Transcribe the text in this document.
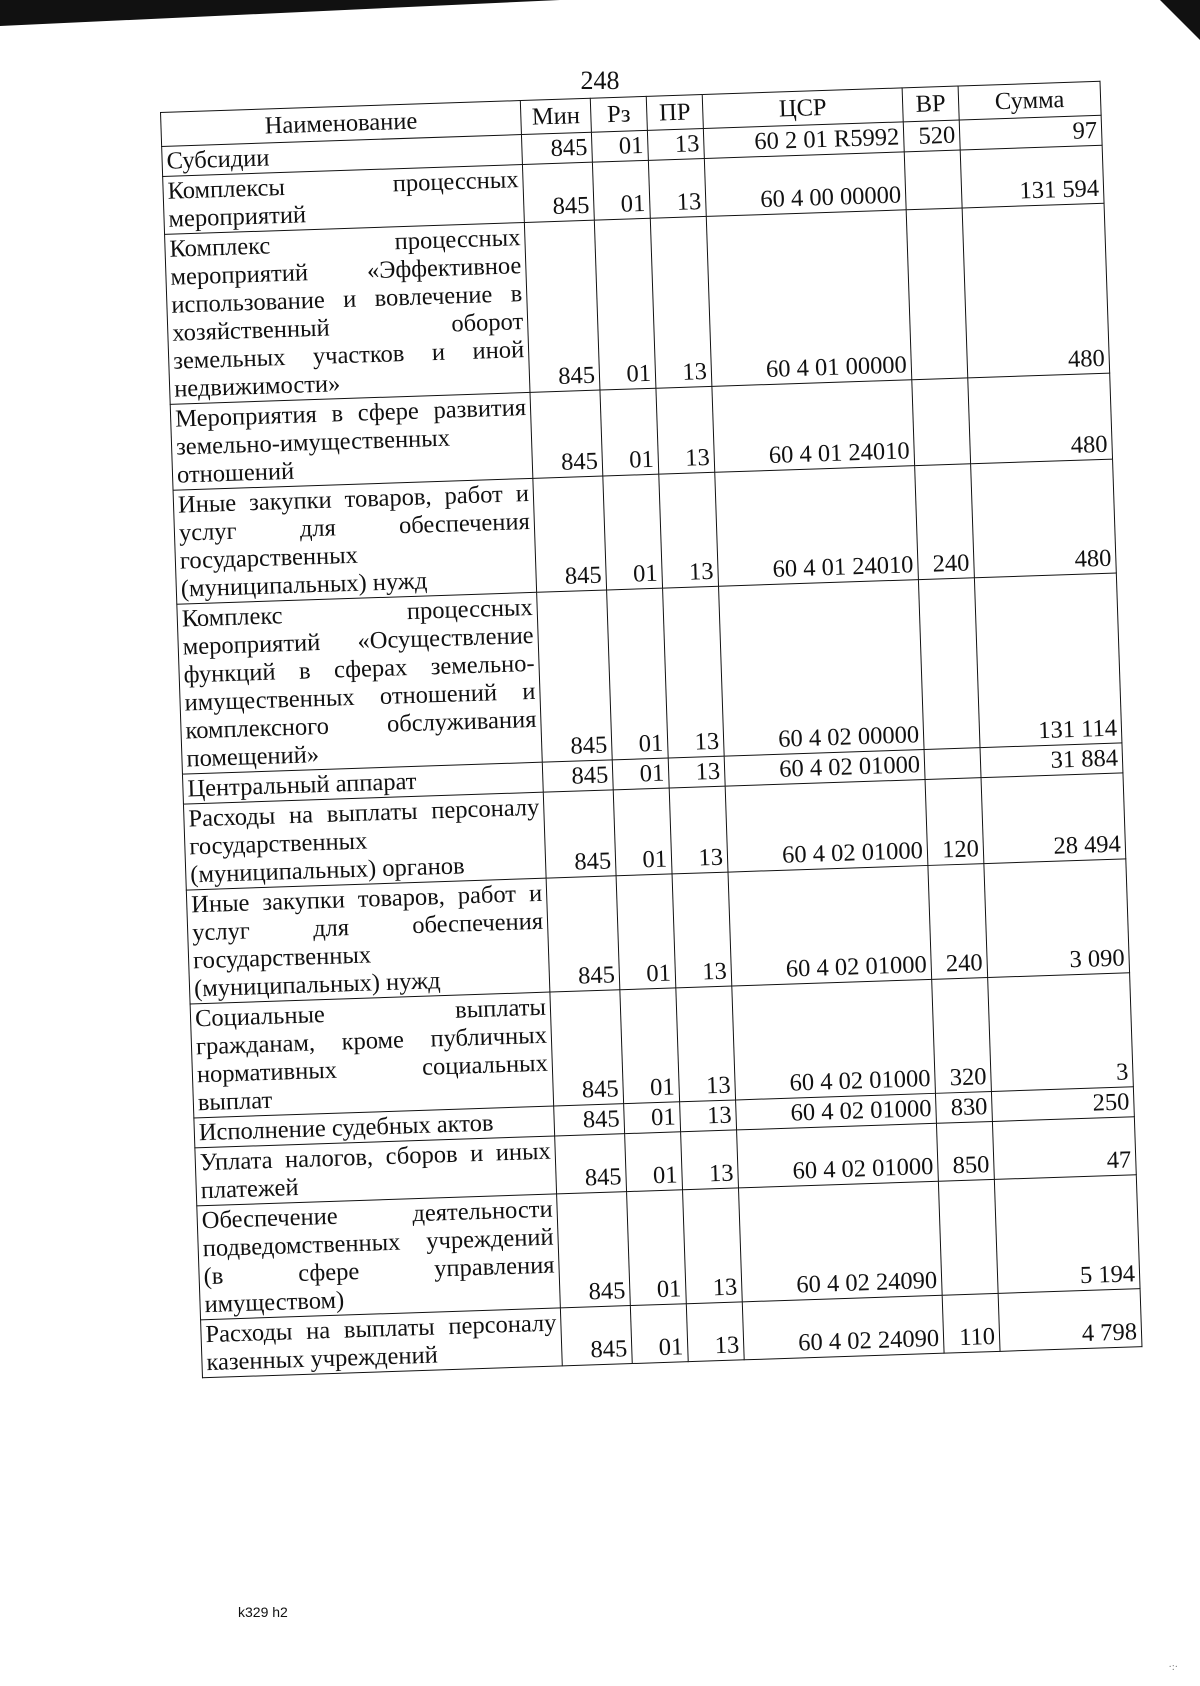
248
Наименование	Мин	Рз	ПР	ЦСР	ВР	Сумма
Субсидии	845	01	13	60 2 01 R5992	520	97
Комплексы процессных мероприятий	845	01	13	60 4 00 00000		131 594
Комплекс процессных мероприятий «Эффективное использование и вовлечение в хозяйственный оборот земельных участков и иной недвижимости»	845	01	13	60 4 01 00000		480
Мероприятия в сфере развития земельно-имущественных отношений	845	01	13	60 4 01 24010		480
Иные закупки товаров, работ и услуг для обеспечения государственных (муниципальных) нужд	845	01	13	60 4 01 24010	240	480
Комплекс процессных мероприятий «Осуществление функций в сферах земельно-имущественных отношений и комплексного обслуживания помещений»	845	01	13	60 4 02 00000		131 114
Центральный аппарат	845	01	13	60 4 02 01000		31 884
Расходы на выплаты персоналу государственных (муниципальных) органов	845	01	13	60 4 02 01000	120	28 494
Иные закупки товаров, работ и услуг для обеспечения государственных (муниципальных) нужд	845	01	13	60 4 02 01000	240	3 090
Социальные выплаты гражданам, кроме публичных нормативных социальных выплат	845	01	13	60 4 02 01000	320	3
Исполнение судебных актов	845	01	13	60 4 02 01000	830	250
Уплата налогов, сборов и иных платежей	845	01	13	60 4 02 01000	850	47
Обеспечение деятельности подведомственных учреждений (в сфере управления имуществом)	845	01	13	60 4 02 24090		5 194
Расходы на выплаты персоналу казенных учреждений	845	01	13	60 4 02 24090	110	4 798
k329 h2
·:·
